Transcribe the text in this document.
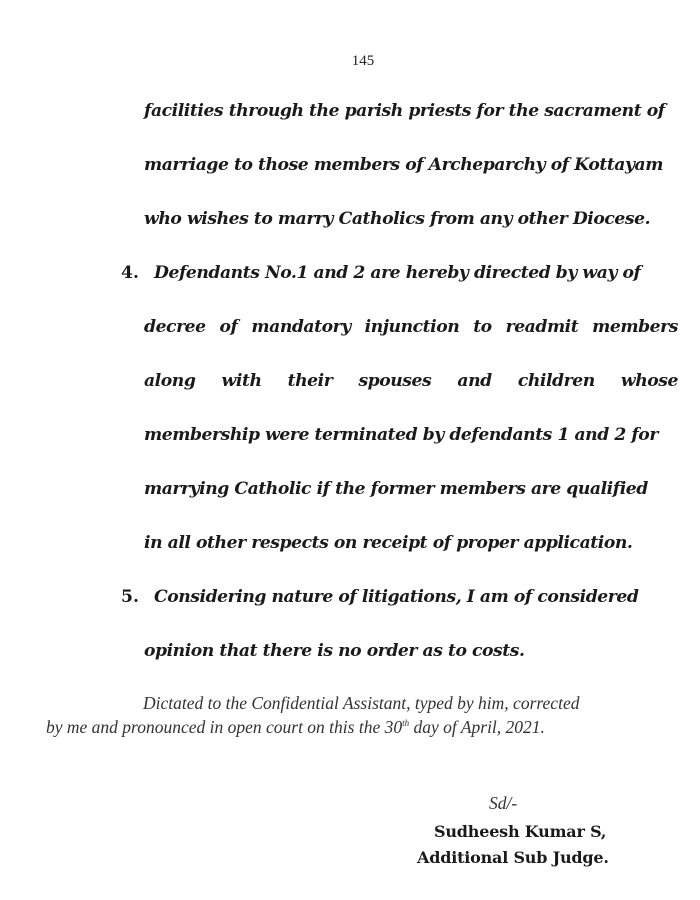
145
facilities through the parish priests for the sacrament of
marriage to those members of Archeparchy of Kottayam
who wishes to marry Catholics from any other Diocese.
4. Defendants No.1 and 2 are hereby directed by way of
decree of mandatory injunction to readmit members
along with their spouses and children whose
membership were terminated by defendants 1 and 2 for
marrying Catholic if the former members are qualified
in all other respects on receipt of proper application.
5. Considering nature of litigations, I am of considered
opinion that there is no order as to costs.
Dictated to the Confidential Assistant, typed by him, corrected
by me and pronounced in open court on this the 30th day of April, 2021.
Sd/-
Sudheesh Kumar S,
Additional Sub Judge.
